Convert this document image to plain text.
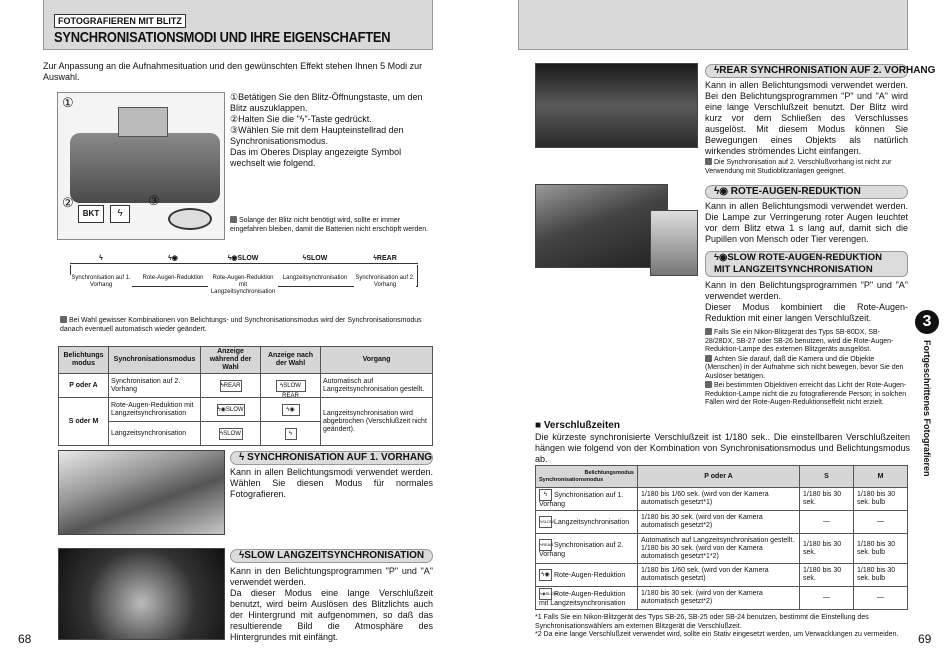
FOTOGRAFIEREN MIT BLITZ
SYNCHRONISATIONSMODI UND IHRE EIGENSCHAFTEN
Zur Anpassung an die Aufnahmesituation und den gewünschten Effekt stehen Ihnen 5 Modi zur Auswahl.
①
②	③
BKT	ϟ
①Betätigen Sie den Blitz-Öffnungstaste, um den Blitz auszuklappen.
②Halten Sie die "ϟ"-Taste gedrückt.
③Wählen Sie mit dem Haupteinstellrad den Synchronisationsmodus.
Das im Oberes Display angezeigte Symbol wechselt wie folgend.
Solange der Blitz nicht benötigt wird, sollte er immer eingefahren bleiben, damit die Batterien nicht erschöpft werden.
ϟ
Synchronisation auf 1. Vorhang
ϟ◉
Rote-Augen-Reduktion
ϟ◉SLOW
Rote-Augen-Reduktion mit Langzeitsynchronisation
ϟSLOW
Langzeitsynchronisation
ϟREAR
Synchronisation auf 2. Vorhang
Bei Wahl gewisser Kombinationen von Belichtungs- und Synchronisationsmodus wird der Synchronisationsmodus danach eventuell automatisch wieder geändert.
Belichtungs modus	Synchronisationsmodus	Anzeige während der Wahl	Anzeige nach der Wahl	Vorgang
P oder A	Synchronisation auf 2. Vorhang	ϟREAR	ϟSLOW REAR	Automatisch auf Langzeitsynchronisation gestellt.
S oder M	Rote-Augen-Reduktion mit Langzeitsynchronisation	ϟ◉SLOW	ϟ◉	Langzeitsynchronisation wird abgebrochen (Verschlußzeit nicht geändert).
	Langzeitsynchronisation	ϟSLOW	ϟ	
ϟ SYNCHRONISATION AUF 1. VORHANG
Kann in allen Belichtungsmodi verwendet werden. Wählen Sie diesen Modus für normales Fotografieren.
ϟSLOW LANGZEITSYNCHRONISATION
Kann in den Belichtungsprogrammen "P" und "A" verwendet werden.
Da dieser Modus eine lange Verschlußzeit benutzt, wird beim Auslösen des Blitzlichts auch der Hintergrund mit aufgenommen, so daß das resultierende Bild die Atmosphäre des Hintergrundes mit einfängt.
68
ϟREAR SYNCHRONISATION AUF 2. VORHANG
Kann in allen Belichtungsmodi verwendet werden. Bei den Belichtungsprogrammen "P" und "A" wird eine lange Verschlußzeit benutzt. Der Blitz wird kurz vor dem Schließen des Verschlusses ausgelöst. Mit diesem Modus können Sie Bewegungen eines Objekts als natürlich wirkendes strömendes Licht einfangen.
Die Synchronisation auf 2. Verschlußvorhang ist nicht zur Verwendung mit Studioblitzanlagen geeignet.
ϟ◉ ROTE-AUGEN-REDUKTION
Kann in allen Belichtungsmodi verwendet werden. Die Lampe zur Verringerung roter Augen leuchtet vor dem Blitz etwa 1 s lang auf, damit sich die Pupillen von Mensch oder Tier verengen.
ϟ◉SLOW ROTE-AUGEN-REDUKTION
MIT LANGZEITSYNCHRONISATION
Kann in den Belichtungsprogrammen "P" und "A" verwendet werden.
Dieser Modus kombiniert die Rote-Augen-Reduktion mit einer langen Verschlußzeit.
Falls Sie ein Nikon-Blitzgerät des Typs SB-80DX, SB-28/28DX, SB-27 oder SB-26 benutzen, wird die Rote-Augen-Reduktion-Lampe des externen Blitzgeräts ausgelöst.
Achten Sie darauf, daß die Kamera und die Objekte (Menschen) in der Aufnahme sich nicht bewegen, bevor Sie den Auslöser betätigen.
Bei bestimmten Objektiven erreicht das Licht der Rote-Augen-Reduktion-Lampe nicht die zu fotografierende Person; in solchen Fällen wird der Rote-Augen-Reduktionseffekt nicht erzielt.
■ Verschlußzeiten
Die kürzeste synchronisierte Verschlußzeit ist 1/180 sek.. Die einstellbaren Verschlußzeiten hängen wie folgend von der Kombination von Synchronisationsmodus und Belichtungsmodus ab.
Belichtungsmodus
Synchronisationsmodus	P oder A	S	M
ϟ Synchronisation auf 1. Vorhang	1/180 bis 1/60 sek. (wird von der Kamera automatisch gesetzt*1)	1/180 bis 30 sek.	1/180 bis 30 sek. bulb
ϟSLOWLangzeitsynchronisation	1/180 bis 30 sek. (wird von der Kamera automatisch gesetzt*2)	—	—
ϟREARSynchronisation auf 2. Vorhang	Automatisch auf Langzeitsynchronisation gestellt. 1/180 bis 30 sek. (wird von der Kamera automatisch gesetzt*1*2)	1/180 bis 30 sek.	1/180 bis 30 sek. bulb
ϟ◉ Rote-Augen-Reduktion	1/180 bis 1/60 sek. (wird von der Kamera automatisch gesetzt)	1/180 bis 30 sek.	1/180 bis 30 sek. bulb
ϟ◉SLOWRote-Augen-Reduktion mit Langzeitsynchronisation	1/180 bis 30 sek. (wird von der Kamera automatisch gesetzt*2)	—	—
*1 Falls Sie ein Nikon-Blitzgerät des Typs SB-26, SB-25 oder SB-24 benutzen, bestimmt die Einstellung des Synchronisationswählers am externen Blitzgerät die Verschlußzeit.
*2 Da eine lange Verschlußzeit verwendet wird, sollte ein Stativ eingesetzt werden, um Verwacklungen zu vermeiden.	69
3
Fortgeschrittenes Fotografieren
